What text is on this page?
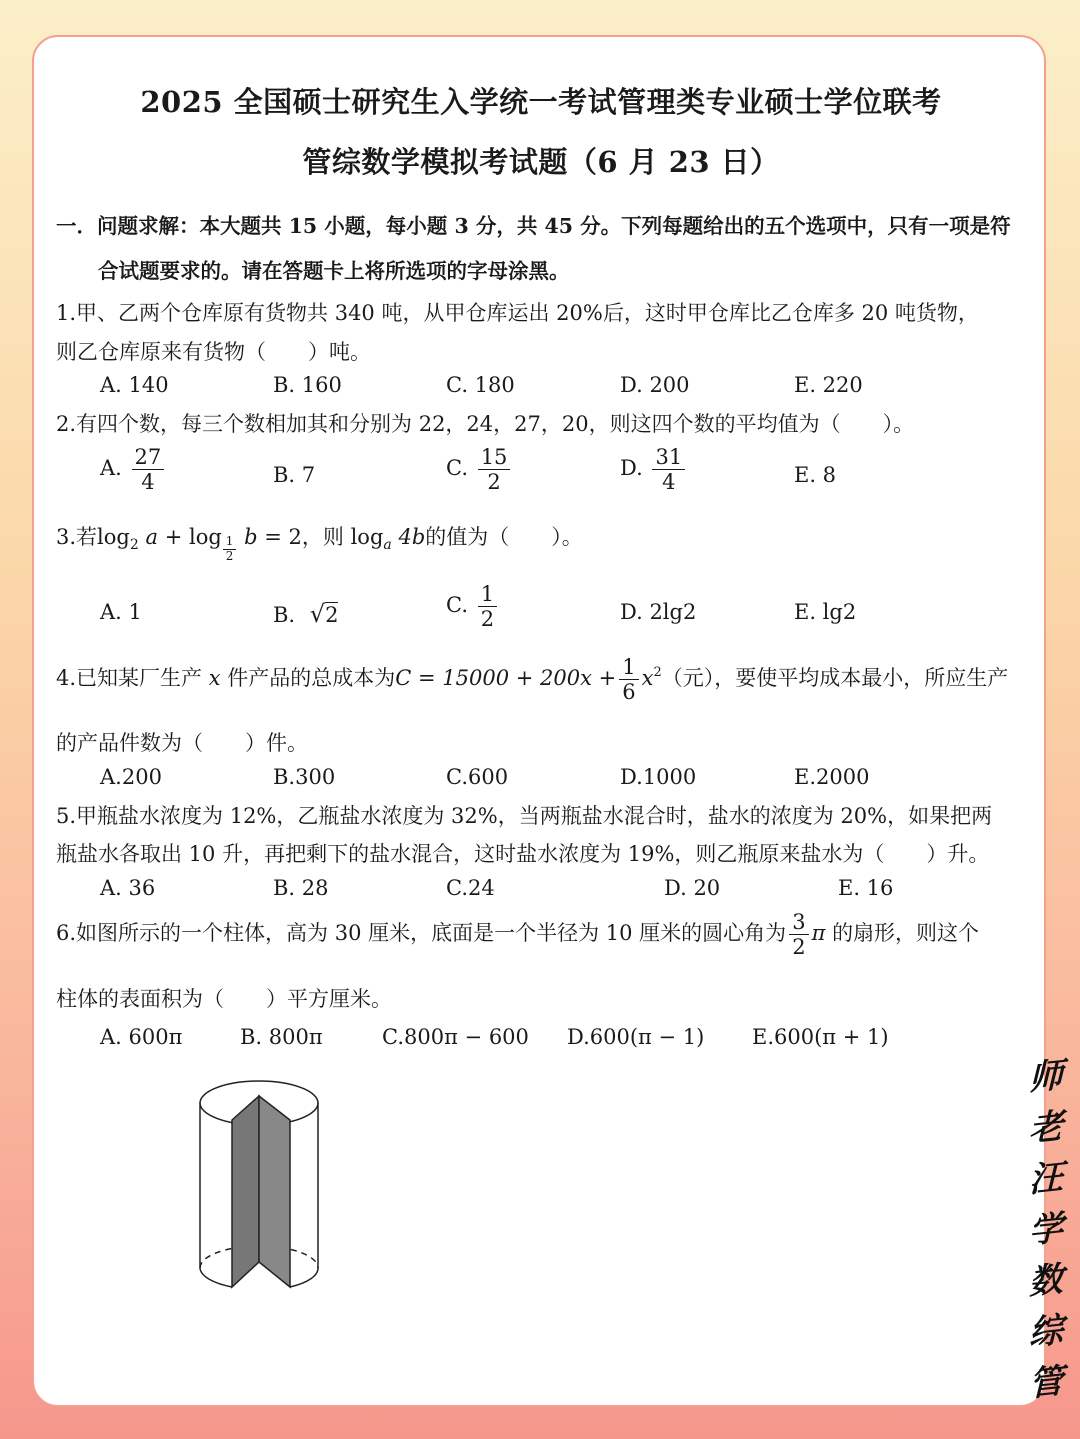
2025 全国硕士研究生入学统一考试管理类专业硕士学位联考
管综数学模拟考试题（6 月 23 日）
一．问题求解：本大题共 15 小题，每小题 3 分，共 45 分。下列每题给出的五个选项中，只有一项是符
合试题要求的。请在答题卡上将所选项的字母涂黑。
1.甲、乙两个仓库原有货物共 340 吨，从甲仓库运出 20%后，这时甲仓库比乙仓库多 20 吨货物，
则乙仓库原来有货物（　　）吨。
A. 140	B. 160	C. 180	D. 200	E. 220
2.有四个数，每三个数相加其和分别为 22，24，27，20，则这四个数的平均值为（　　）。
A. $\frac{27}{4}$	B. 7	C. $\frac{15}{2}$	D. $\frac{31}{4}$	E. 8
3.若$\log_2 a + \log \frac{1}{2}$ b = 2，则 $\log_a 4b$的值为（　　）。
A. 1	B. √2	C. $\frac{1}{2}$	D. 2lg2	E. lg2
4.已知某厂生产 x 件产品的总成本为$C = 15000 + 200x + \frac{1}{6} x^2$（元），要使平均成本最小，所应生产
的产品件数为（　　）件。
A.200	B.300	C.600	D.1000	E.2000
5.甲瓶盐水浓度为 12%，乙瓶盐水浓度为 32%，当两瓶盐水混合时，盐水的浓度为 20%，如果把两
瓶盐水各取出 10 升，再把剩下的盐水混合，这时盐水浓度为 19%，则乙瓶原来盐水为（　　）升。
A. 36	B. 28	C.24	D. 20	E. 16
6.如图所示的一个柱体，高为 30 厘米，底面是一个半径为 10 厘米的圆心角为 $\frac{3}{2}$ π 的扇形，则这个
柱体的表面积为（　　）平方厘米。
A. 600π	B. 800π	C.800π − 600 D.600(π − 1) E.600(π + 1)
师
老
汪
学
数
综
管
